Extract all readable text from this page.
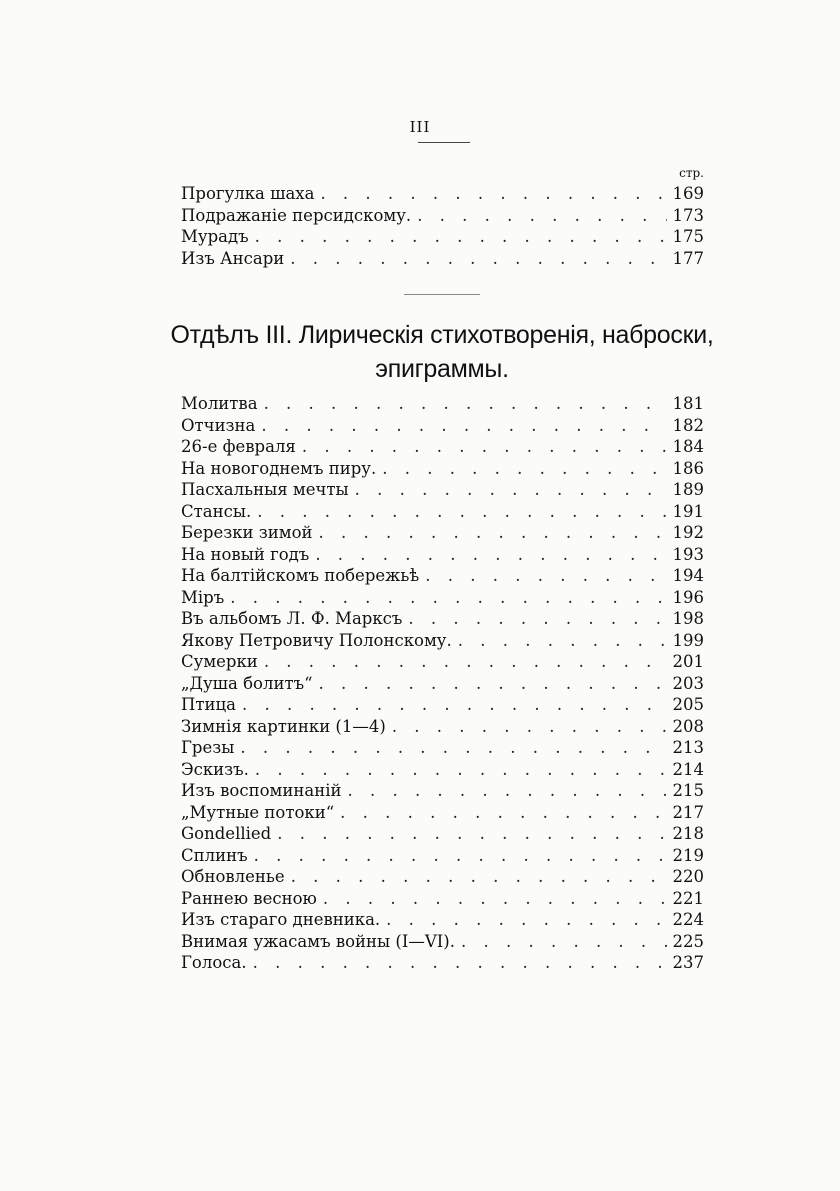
III
стр.
Прогулка шаха . . .	169
Подражаніе персидскому. . . .	173
Мурадъ . . .	175
Изъ Ансари . . .	177
Отдѣлъ III. Лирическія стихотворенія, наброски, эпиграммы.
Молитва . . .	181
Отчизна . . .	182
26-е февраля . . .	184
На новогоднемъ пиру. . . .	186
Пасхальныя мечты . . .	189
Стансы. . . .	191
Березки зимой . . .	192
На новый годъ . . .	193
На балтійскомъ побережьѣ . . .	194
Міръ . . .	196
Въ альбомъ Л. Ф. Марксъ . . .	198
Якову Петровичу Полонскому. . . .	199
Сумерки . . .	201
„Душа болитъ“ . . .	203
Птица . . .	205
Зимнія картинки (1—4) . . .	208
Грезы . . .	213
Эскизъ. . . .	214
Изъ воспоминаній . . .	215
„Мутные потоки“ . . .	217
Gondellied . . .	218
Сплинъ . . .	219
Обновленье . . .	220
Раннею весною . . .	221
Изъ стараго дневника. . . .	224
Внимая ужасамъ войны (I—VI). . . .	225
Голоса. . . .	237
